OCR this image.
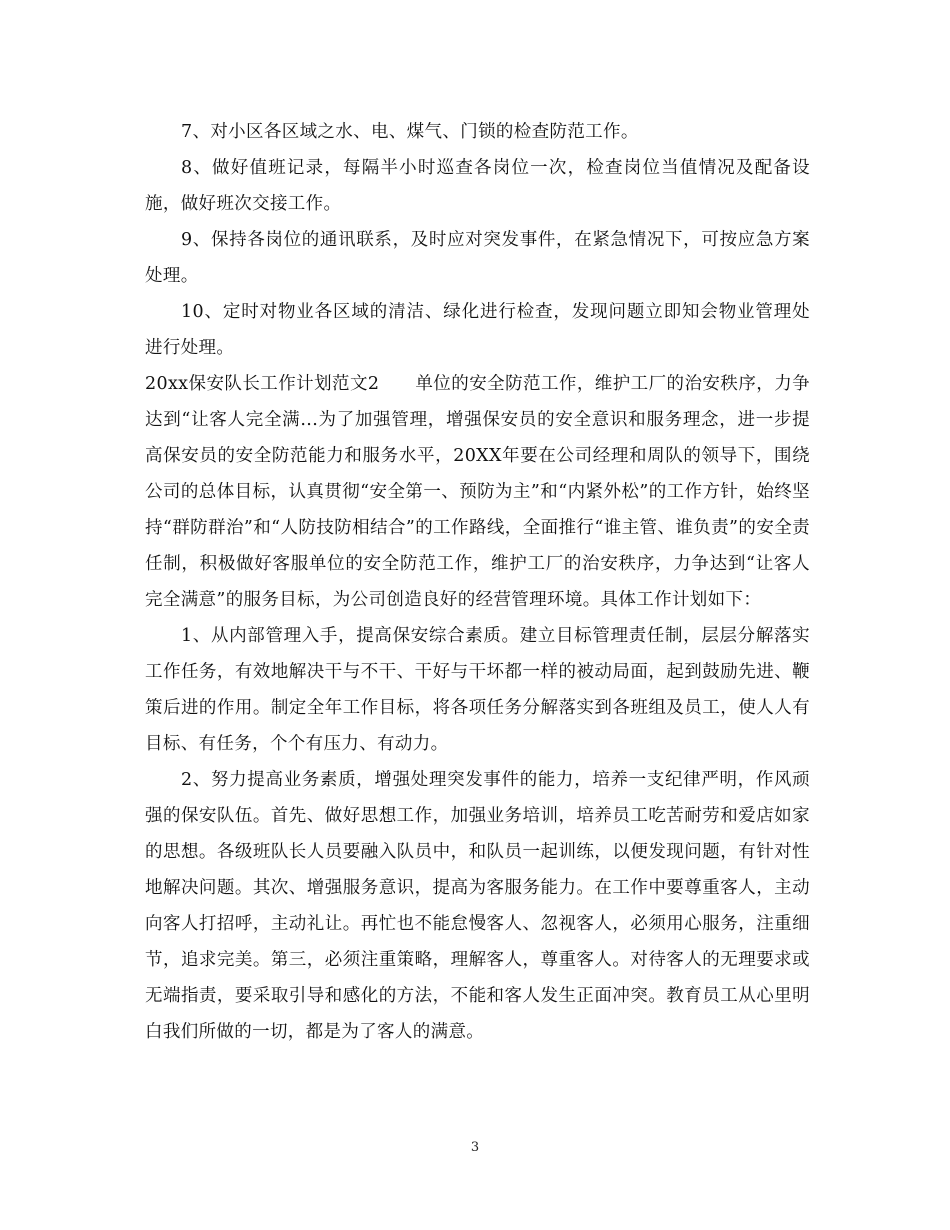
7、对小区各区域之水、电、煤气、门锁的检查防范工作。

8、做好值班记录，每隔半小时巡查各岗位一次，检查岗位当值情况及配备设施，做好班次交接工作。

9、保持各岗位的通讯联系，及时应对突发事件，在紧急情况下，可按应急方案处理。

10、定时对物业各区域的清洁、绿化进行检查，发现问题立即知会物业管理处进行处理。

20xx保安队长工作计划范文2　　单位的安全防范工作，维护工厂的治安秩序，力争达到“让客人完全满...为了加强管理，增强保安员的安全意识和服务理念，进一步提高保安员的安全防范能力和服务水平，20XX年要在公司经理和周队的领导下，围绕公司的总体目标，认真贯彻“安全第一、预防为主”和“内紧外松”的工作方针，始终坚持“群防群治”和“人防技防相结合”的工作路线，全面推行“谁主管、谁负责”的安全责任制，积极做好客服单位的安全防范工作，维护工厂的治安秩序，力争达到“让客人完全满意”的服务目标，为公司创造良好的经营管理环境。具体工作计划如下：

1、从内部管理入手，提高保安综合素质。建立目标管理责任制，层层分解落实工作任务，有效地解决干与不干、干好与干坏都一样的被动局面，起到鼓励先进、鞭策后进的作用。制定全年工作目标，将各项任务分解落实到各班组及员工，使人人有目标、有任务，个个有压力、有动力。

2、努力提高业务素质，增强处理突发事件的能力，培养一支纪律严明，作风顽强的保安队伍。首先、做好思想工作，加强业务培训，培养员工吃苦耐劳和爱店如家的思想。各级班队长人员要融入队员中，和队员一起训练，以便发现问题，有针对性地解决问题。其次、增强服务意识，提高为客服务能力。在工作中要尊重客人，主动向客人打招呼，主动礼让。再忙也不能怠慢客人、忽视客人，必须用心服务，注重细节，追求完美。第三，必须注重策略，理解客人，尊重客人。对待客人的无理要求或无端指责，要采取引导和感化的方法，不能和客人发生正面冲突。教育员工从心里明白我们所做的一切，都是为了客人的满意。

3
